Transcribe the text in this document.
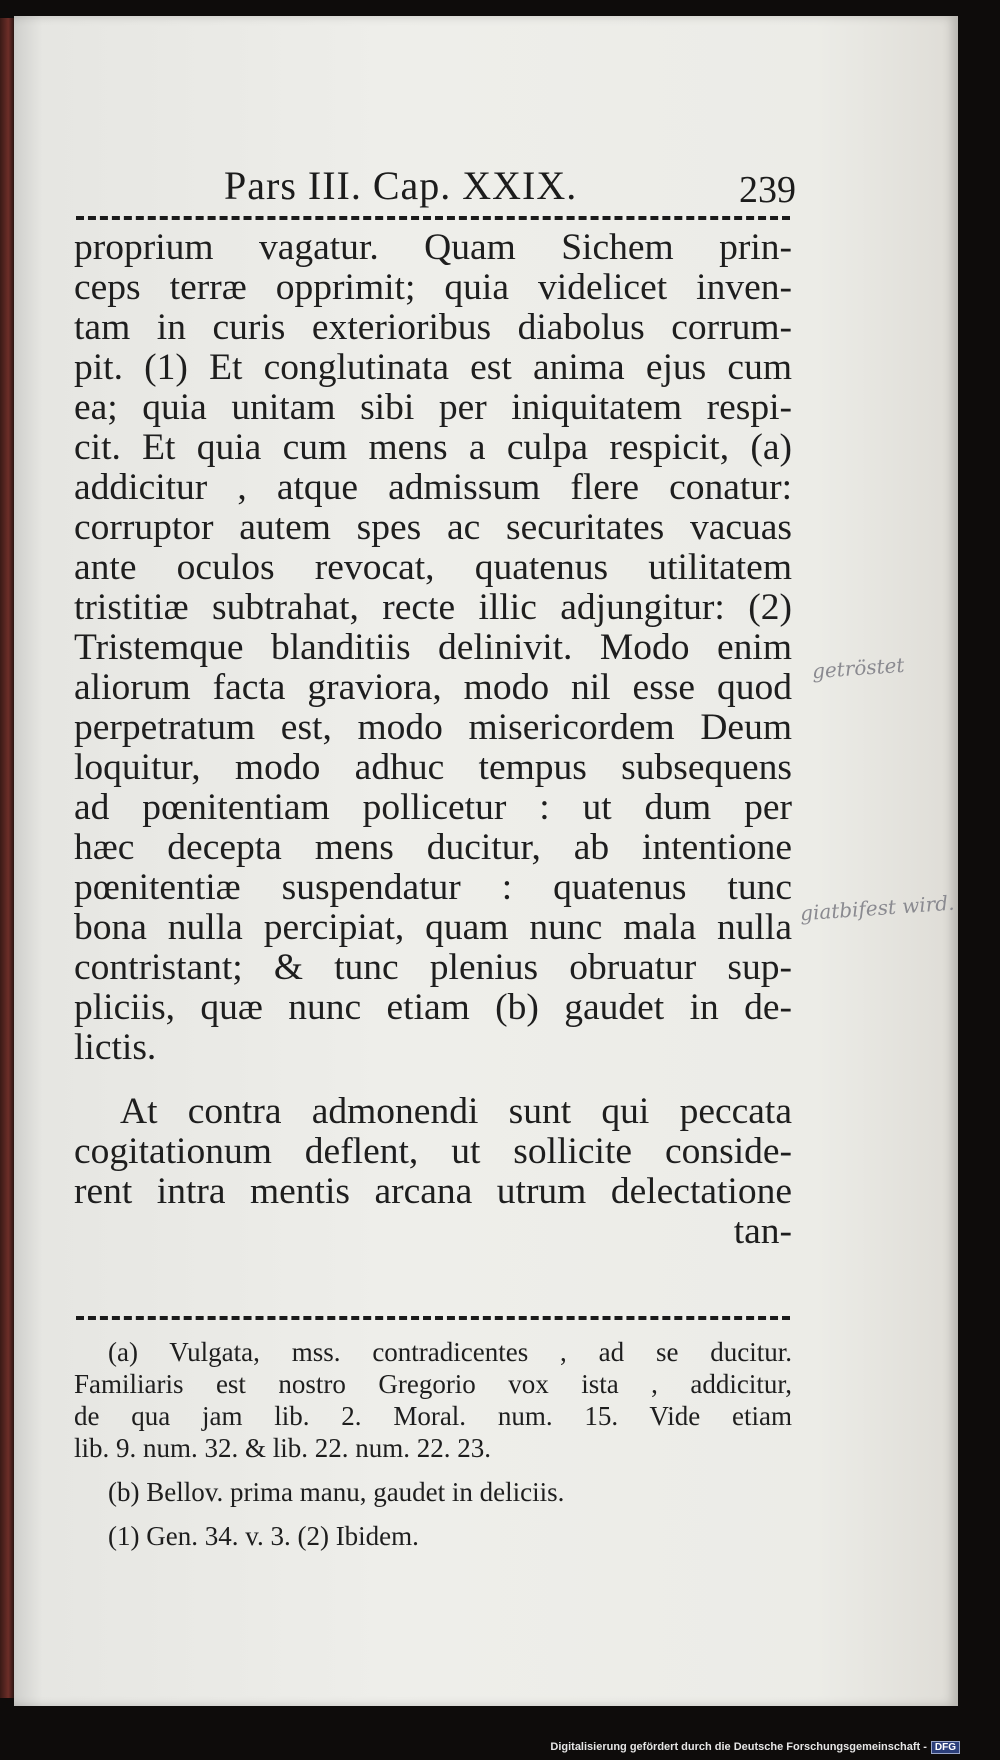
Pars III. Cap. XXIX.	239
proprium vagatur. Quam Sichem prin-
ceps terræ opprimit; quia videlicet inven-
tam in curis exterioribus diabolus corrum-
pit. (1) Et conglutinata est anima ejus cum
ea; quia unitam sibi per iniquitatem respi-
cit. Et quia cum mens a culpa respicit, (a)
addicitur , atque admissum flere conatur:
corruptor autem spes ac securitates vacuas
ante oculos revocat, quatenus utilitatem
tristitiæ subtrahat, recte illic adjungitur: (2)
Tristemque blanditiis delinivit. Modo enim
aliorum facta graviora, modo nil esse quod
perpetratum est, modo misericordem Deum
loquitur, modo adhuc tempus subsequens
ad pœnitentiam pollicetur : ut dum per
hæc decepta mens ducitur, ab intentione
pœnitentiæ suspendatur : quatenus tunc
bona nulla percipiat, quam nunc mala nulla
contristant; & tunc plenius obruatur sup-
pliciis, quæ nunc etiam (b) gaudet in de-
lictis.
At contra admonendi sunt qui peccata
cogitationum deflent, ut sollicite conside-
rent intra mentis arcana utrum delectatione
tan-
(a) Vulgata, mss. contradicentes , ad se ducitur.
Familiaris est nostro Gregorio vox ista , addicitur,
de qua jam lib. 2. Moral. num. 15. Vide etiam
lib. 9. num. 32. & lib. 22. num. 22. 23.
(b) Bellov. prima manu, gaudet in deliciis.
(1) Gen. 34. v. 3. (2) Ibidem.
getröstet
giatbifest wird.
Digitalisierung gefördert durch die Deutsche Forschungsgemeinschaft - DFG
